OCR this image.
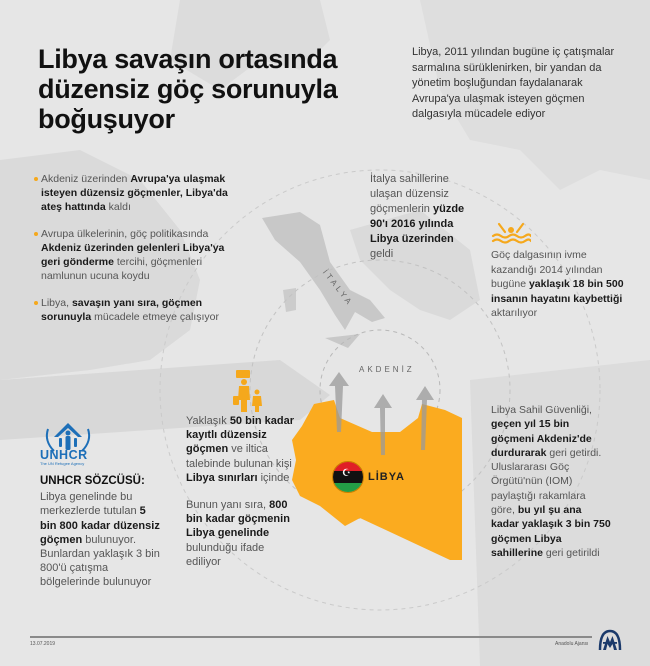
Libya savaşın ortasında düzensiz göç sorunuyla boğuşuyor
Libya, 2011 yılından bugüne iç çatışmalar sarmalına sürüklenirken, bir yandan da yönetim boşluğundan faydalanarak Avrupa'ya ulaşmak isteyen göçmen dalgasıyla mücadele ediyor
Akdeniz üzerinden Avrupa'ya ulaşmak isteyen düzensiz göçmenler, Libya'da ateş hattında kaldı
Avrupa ülkelerinin, göç politikasında Akdeniz üzerinden gelenleri Libya'ya geri gönderme tercihi, göçmenleri namlunun ucuna koydu
Libya, savaşın yanı sıra, göçmen sorunuyla mücadele etmeye çalışıyor
UNHCR
The UN Refugee Agency
UNHCR SÖZCÜSÜ:
Libya genelinde bu merkezlerde tutulan 5 bin 800 kadar düzensiz göçmen bulunuyor. Bunlardan yaklaşık 3 bin 800'ü çatışma bölgelerinde bulunuyor

Yaklaşık 50 bin kadar kayıtlı düzensiz göçmen ve iltica talebinde bulunan kişi Libya sınırları içinde

Bunun yanı sıra, 800 bin kadar göçmenin Libya genelinde bulunduğu ifade ediliyor

İtalya sahillerine ulaşan düzensiz göçmenlerin yüzde 90'ı 2016 yılında Libya üzerinden geldi	Göç dalgasının ivme kazandığı 2014 yılından bugüne yaklaşık 18 bin 500 insanın hayatını kaybettiği aktarılıyor
Libya Sahil Güvenliği, geçen yıl 15 bin göçmeni Akdeniz'de durdurarak geri getirdi. Uluslararası Göç Örgütü'nün (IOM) paylaştığı rakamlara göre, bu yıl şu ana kadar yaklaşık 3 bin 750 göçmen Libya sahillerine geri getirildi
İTALYA
AKDENİZ
☪ LİBYA
13.07.2019	Anadolu Ajansı
